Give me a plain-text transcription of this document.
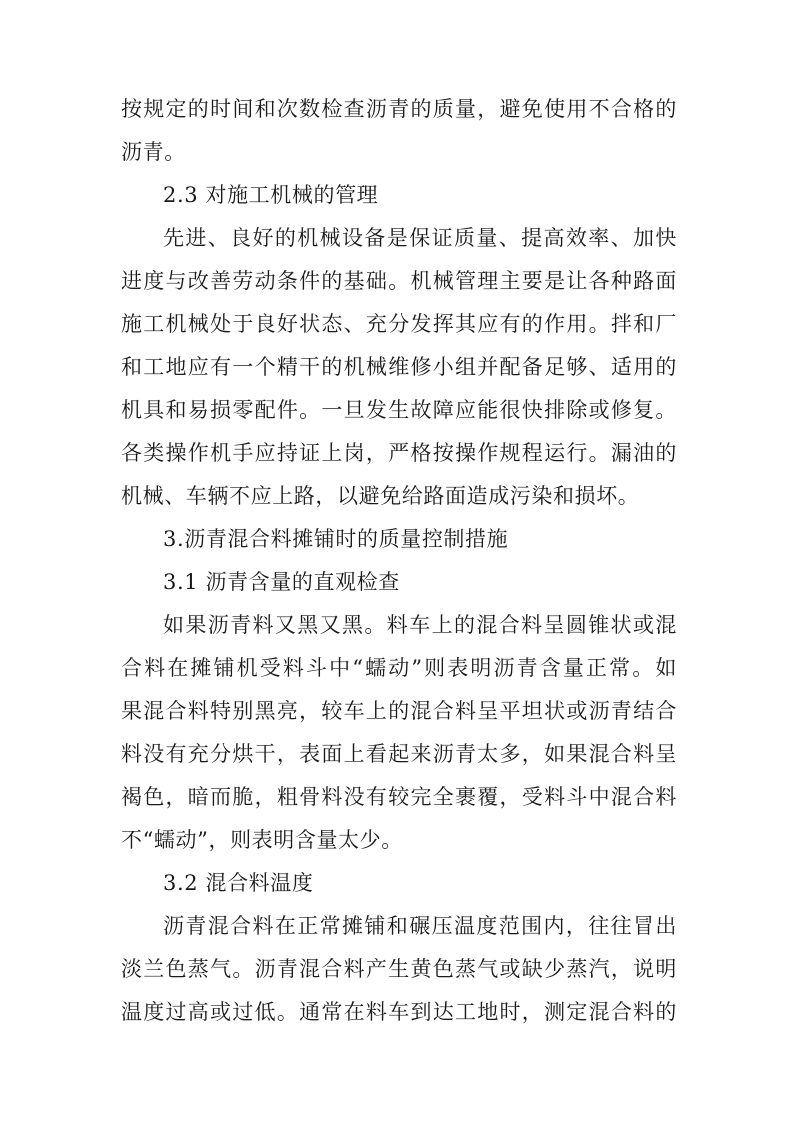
按规定的时间和次数检查沥青的质量，避免使用不合格的

沥青。

2.3 对施工机械的管理

先进、良好的机械设备是保证质量、提高效率、加快

进度与改善劳动条件的基础。机械管理主要是让各种路面

施工机械处于良好状态、充分发挥其应有的作用。拌和厂

和工地应有一个精干的机械维修小组并配备足够、适用的

机具和易损零配件。一旦发生故障应能很快排除或修复。

各类操作机手应持证上岗，严格按操作规程运行。漏油的

机械、车辆不应上路，以避免给路面造成污染和损坏。

3.沥青混合料摊铺时的质量控制措施

3.1 沥青含量的直观检查

如果沥青料又黑又黑。料车上的混合料呈圆锥状或混

合料在摊铺机受料斗中“蠕动”则表明沥青含量正常。如

果混合料特别黑亮，较车上的混合料呈平坦状或沥青结合

料没有充分烘干，表面上看起来沥青太多，如果混合料呈

褐色，暗而脆，粗骨料没有较完全裹覆，受料斗中混合料

不“蠕动”，则表明含量太少。

3.2 混合料温度

沥青混合料在正常摊铺和碾压温度范围内，往往冒出

淡兰色蒸气。沥青混合料产生黄色蒸气或缺少蒸汽，说明

温度过高或过低。通常在料车到达工地时，测定混合料的
